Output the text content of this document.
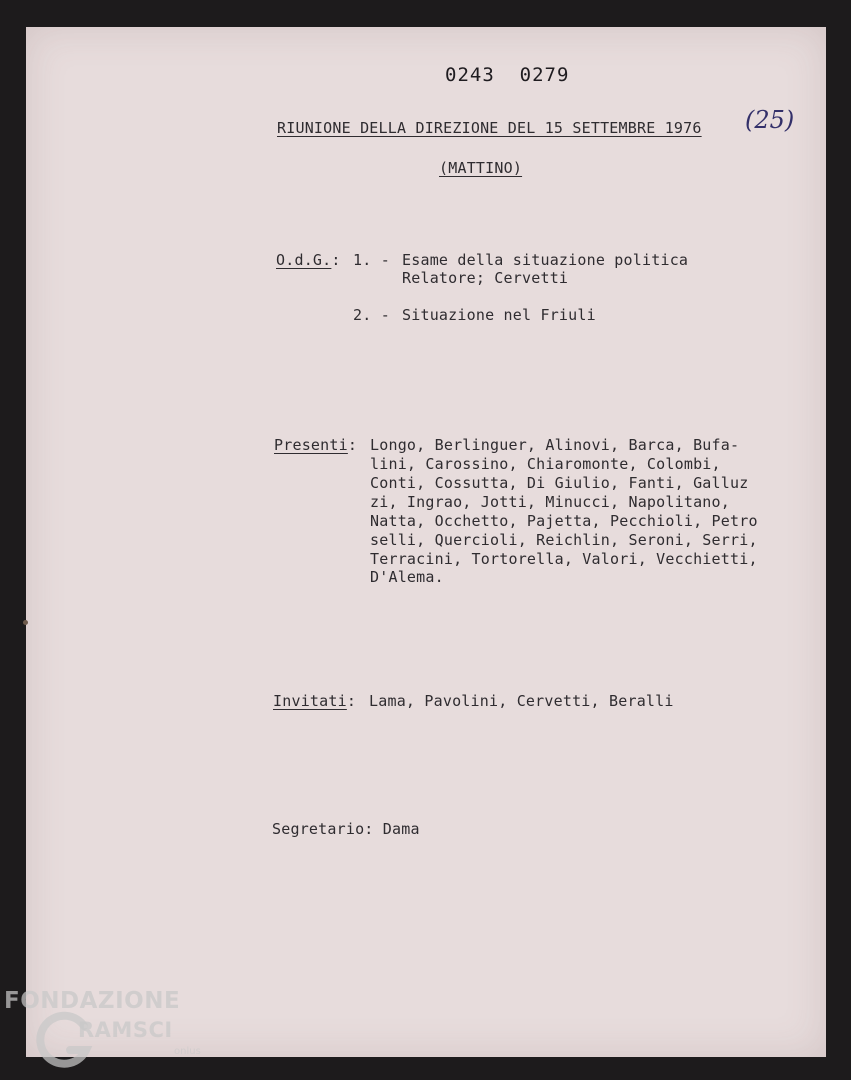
0243  0279
(25)
RIUNIONE DELLA DIREZIONE DEL 15 SETTEMBRE 1976
(MATTINO)
O.d.G.: 1. - Esame della situazione politica
Relatore; Cervetti
2. - Situazione nel Friuli
Presenti: Longo, Berlinguer, Alinovi, Barca, Bufa-
lini, Carossino, Chiaromonte, Colombi,
Conti, Cossutta, Di Giulio, Fanti, Galluz
zi, Ingrao, Jotti, Minucci, Napolitano,
Natta, Occhetto, Pajetta, Pecchioli, Petro
selli, Quercioli, Reichlin, Seroni, Serri,
Terracini, Tortorella, Valori, Vecchietti,
D'Alema.
Invitati: Lama, Pavolini, Cervetti, Beralli
Segretario: Dama
FONDAZIONE
RAMSCI
onlus
